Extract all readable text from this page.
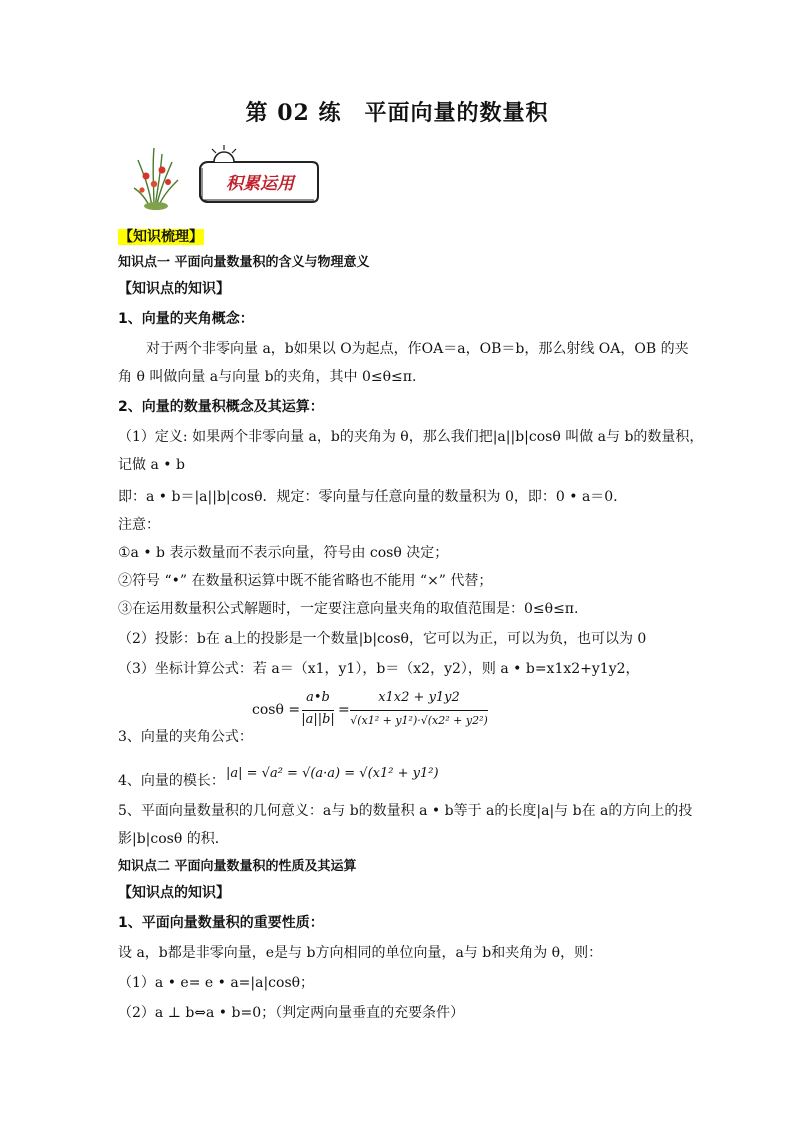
第 02 练　平面向量的数量积
积累运用
【知识梳理】
知识点一 平面向量数量积的含义与物理意义
【知识点的知识】
1、向量的夹角概念：
对于两个非零向量 a，b如果以 O为起点，作OA＝a，OB＝b，那么射线 OA，OB 的夹
角 θ 叫做向量 a与向量 b的夹角，其中 0≤θ≤π.
2、向量的数量积概念及其运算：
（1）定义: 如果两个非零向量 a，b的夹角为 θ，那么我们把|a||b|cosθ 叫做 a与 b的数量积，
记做 a • b
即：a • b＝|a||b|cosθ．规定：零向量与任意向量的数量积为 0，即：0 • a＝0．
注意：
①a • b 表示数量而不表示向量，符号由 cosθ 决定；
②符号 “•” 在数量积运算中既不能省略也不能用 “×” 代替；
③在运用数量积公式解题时，一定要注意向量夹角的取值范围是：0≤θ≤π.
（2）投影：b在 a上的投影是一个数量|b|cosθ，它可以为正，可以为负，也可以为 0
（3）坐标计算公式：若 a＝（x1，y1），b＝（x2，y2），则 a • b=x1x2+y1y2，
cosθ =
a•b
|a||b|
=
x1x2 + y1y2
√(x1² + y1²)·√(x2² + y2²)
3、向量的夹角公式：
4、向量的模长： |a| = √a² = √(a·a) = √(x1² + y1²)
5、平面向量数量积的几何意义：a与 b的数量积 a • b等于 a的长度|a|与 b在 a的方向上的投
影|b|cosθ 的积．
知识点二 平面向量数量积的性质及其运算
【知识点的知识】
1、平面向量数量积的重要性质：
设 a，b都是非零向量，e是与 b方向相同的单位向量，a与 b和夹角为 θ，则：
（1）a • e= e • a=|a|cosθ；
（2）a ⊥ b⇔a • b=0；（判定两向量垂直的充要条件）
